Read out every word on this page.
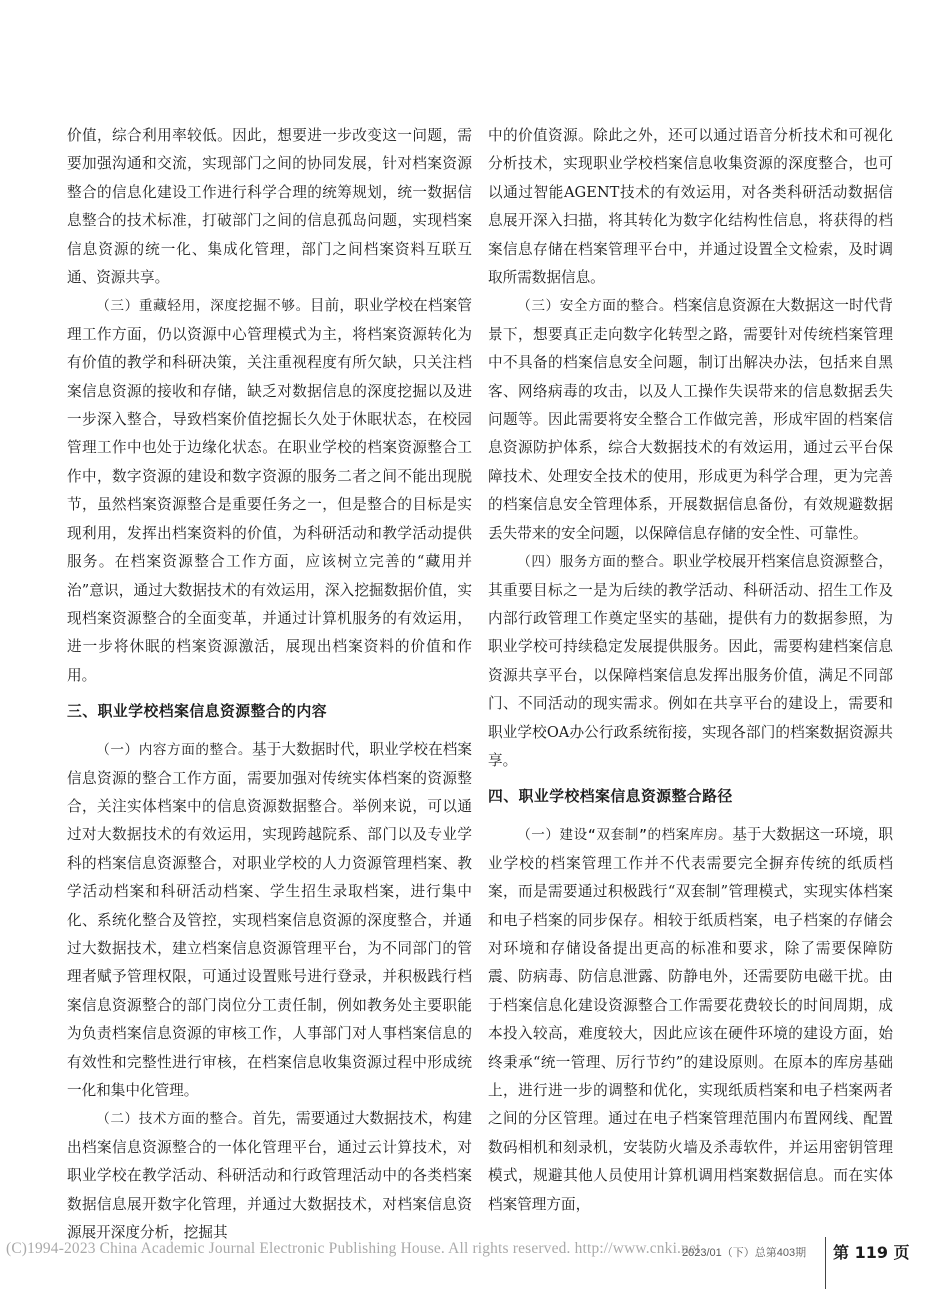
价值，综合利用率较低。因此，想要进一步改变这一问题，需要加强沟通和交流，实现部门之间的协同发展，针对档案资源整合的信息化建设工作进行科学合理的统筹规划，统一数据信息整合的技术标准，打破部门之间的信息孤岛问题，实现档案信息资源的统一化、集成化管理，部门之间档案资料互联互通、资源共享。

（三）重藏轻用，深度挖掘不够。目前，职业学校在档案管理工作方面，仍以资源中心管理模式为主，将档案资源转化为有价值的教学和科研决策，关注重视程度有所欠缺，只关注档案信息资源的接收和存储，缺乏对数据信息的深度挖掘以及进一步深入整合，导致档案价值挖掘长久处于休眠状态，在校园管理工作中也处于边缘化状态。在职业学校的档案资源整合工作中，数字资源的建设和数字资源的服务二者之间不能出现脱节，虽然档案资源整合是重要任务之一，但是整合的目标是实现利用，发挥出档案资料的价值，为科研活动和教学活动提供服务。在档案资源整合工作方面，应该树立完善的“藏用并治”意识，通过大数据技术的有效运用，深入挖掘数据价值，实现档案资源整合的全面变革，并通过计算机服务的有效运用，进一步将休眠的档案资源激活，展现出档案资料的价值和作用。

三、职业学校档案信息资源整合的内容

（一）内容方面的整合。基于大数据时代，职业学校在档案信息资源的整合工作方面，需要加强对传统实体档案的资源整合，关注实体档案中的信息资源数据整合。举例来说，可以通过对大数据技术的有效运用，实现跨越院系、部门以及专业学科的档案信息资源整合，对职业学校的人力资源管理档案、教学活动档案和科研活动档案、学生招生录取档案，进行集中化、系统化整合及管控，实现档案信息资源的深度整合，并通过大数据技术，建立档案信息资源管理平台，为不同部门的管理者赋予管理权限，可通过设置账号进行登录，并积极践行档案信息资源整合的部门岗位分工责任制，例如教务处主要职能为负责档案信息资源的审核工作，人事部门对人事档案信息的有效性和完整性进行审核，在档案信息收集资源过程中形成统一化和集中化管理。

（二）技术方面的整合。首先，需要通过大数据技术，构建出档案信息资源整合的一体化管理平台，通过云计算技术，对职业学校在教学活动、科研活动和行政管理活动中的各类档案数据信息展开数字化管理，并通过大数据技术，对档案信息资源展开深度分析，挖掘其

中的价值资源。除此之外，还可以通过语音分析技术和可视化分析技术，实现职业学校档案信息收集资源的深度整合，也可以通过智能AGENT技术的有效运用，对各类科研活动数据信息展开深入扫描，将其转化为数字化结构性信息，将获得的档案信息存储在档案管理平台中，并通过设置全文检索，及时调取所需数据信息。

（三）安全方面的整合。档案信息资源在大数据这一时代背景下，想要真正走向数字化转型之路，需要针对传统档案管理中不具备的档案信息安全问题，制订出解决办法，包括来自黑客、网络病毒的攻击，以及人工操作失误带来的信息数据丢失问题等。因此需要将安全整合工作做完善，形成牢固的档案信息资源防护体系，综合大数据技术的有效运用，通过云平台保障技术、处理安全技术的使用，形成更为科学合理，更为完善的档案信息安全管理体系，开展数据信息备份，有效规避数据丢失带来的安全问题，以保障信息存储的安全性、可靠性。

（四）服务方面的整合。职业学校展开档案信息资源整合，其重要目标之一是为后续的教学活动、科研活动、招生工作及内部行政管理工作奠定坚实的基础，提供有力的数据参照，为职业学校可持续稳定发展提供服务。因此，需要构建档案信息资源共享平台，以保障档案信息发挥出服务价值，满足不同部门、不同活动的现实需求。例如在共享平台的建设上，需要和职业学校OA办公行政系统衔接，实现各部门的档案数据资源共享。

四、职业学校档案信息资源整合路径

（一）建设“双套制”的档案库房。基于大数据这一环境，职业学校的档案管理工作并不代表需要完全摒弃传统的纸质档案，而是需要通过积极践行“双套制”管理模式，实现实体档案和电子档案的同步保存。相较于纸质档案，电子档案的存储会对环境和存储设备提出更高的标准和要求，除了需要保障防震、防病毒、防信息泄露、防静电外，还需要防电磁干扰。由于档案信息化建设资源整合工作需要花费较长的时间周期，成本投入较高，难度较大，因此应该在硬件环境的建设方面，始终秉承“统一管理、厉行节约”的建设原则。在原本的库房基础上，进行进一步的调整和优化，实现纸质档案和电子档案两者之间的分区管理。通过在电子档案管理范围内布置网线、配置数码相机和刻录机，安装防火墙及杀毒软件，并运用密钥管理模式，规避其他人员使用计算机调用档案数据信息。而在实体档案管理方面，

(C)1994-2023 China Academic Journal Electronic Publishing House. All rights reserved. http://www.cnki.net
2023/01（下）总第403期 第 119 页
